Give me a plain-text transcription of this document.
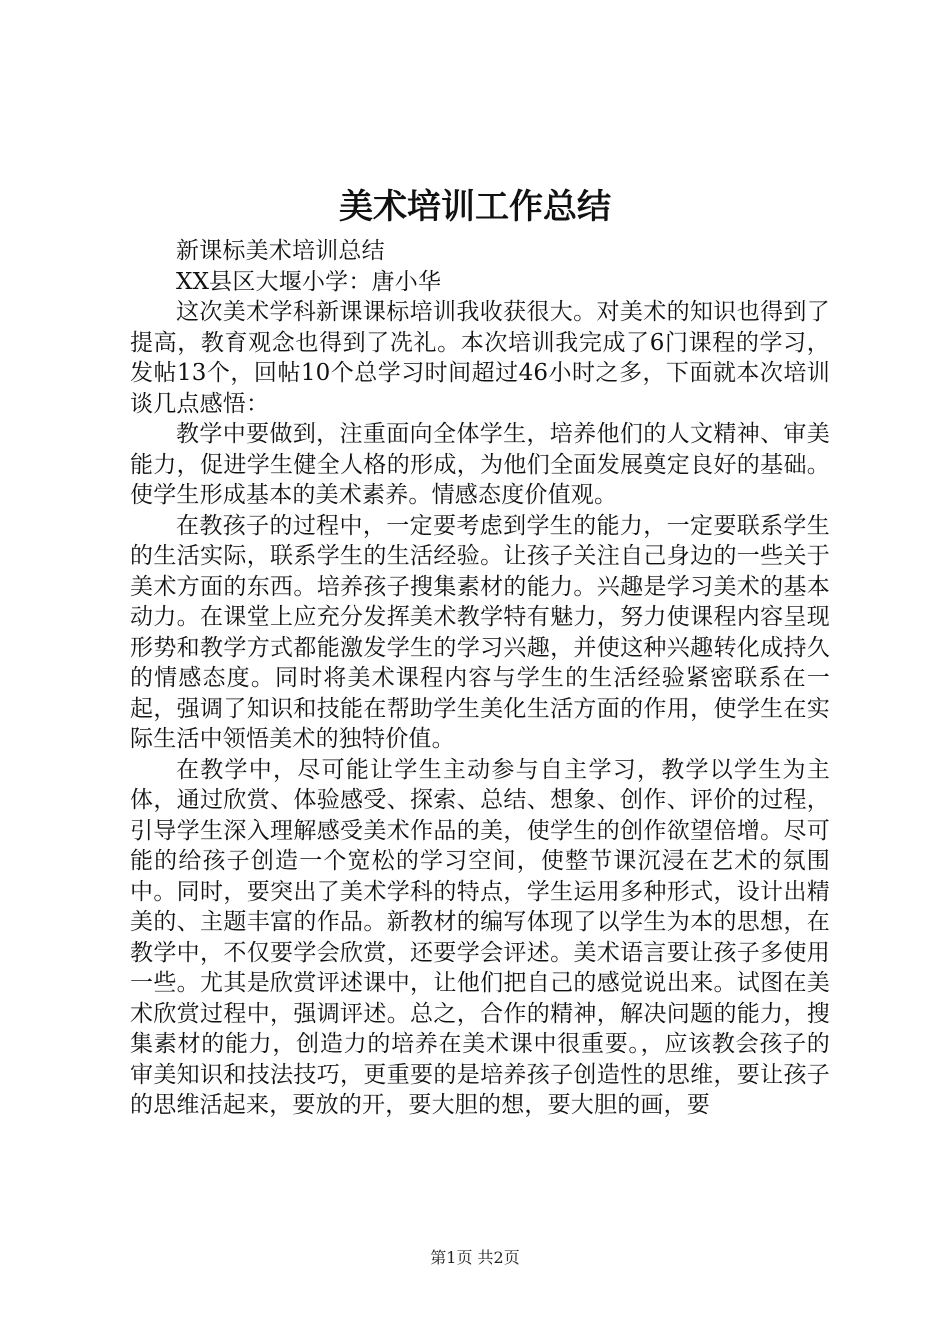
美术培训工作总结

新课标美术培训总结

XX县区大堰小学：唐小华

这次美术学科新课课标培训我收获很大。对美术的知识也得到了提高，教育观念也得到了冼礼。本次培训我完成了6门课程的学习，发帖13个，回帖10个总学习时间超过46小时之多，下面就本次培训谈几点感悟：

教学中要做到，注重面向全体学生，培养他们的人文精神、审美能力，促进学生健全人格的形成，为他们全面发展奠定良好的基础。使学生形成基本的美术素养。情感态度价值观。

在教孩子的过程中，一定要考虑到学生的能力，一定要联系学生的生活实际，联系学生的生活经验。让孩子关注自己身边的一些关于美术方面的东西。培养孩子搜集素材的能力。兴趣是学习美术的基本动力。在课堂上应充分发挥美术教学特有魅力，努力使课程内容呈现形势和教学方式都能激发学生的学习兴趣，并使这种兴趣转化成持久的情感态度。同时将美术课程内容与学生的生活经验紧密联系在一起，强调了知识和技能在帮助学生美化生活方面的作用，使学生在实际生活中领悟美术的独特价值。

在教学中，尽可能让学生主动参与自主学习，教学以学生为主体，通过欣赏、体验感受、探索、总结、想象、创作、评价的过程，引导学生深入理解感受美术作品的美，使学生的创作欲望倍增。尽可能的给孩子创造一个宽松的学习空间，使整节课沉浸在艺术的氛围中。同时，要突出了美术学科的特点，学生运用多种形式，设计出精美的、主题丰富的作品。新教材的编写体现了以学生为本的思想，在教学中，不仅要学会欣赏，还要学会评述。美术语言要让孩子多使用一些。尤其是欣赏评述课中，让他们把自己的感觉说出来。试图在美术欣赏过程中，强调评述。总之，合作的精神，解决问题的能力，搜集素材的能力，创造力的培养在美术课中很重要。，应该教会孩子的审美知识和技法技巧，更重要的是培养孩子创造性的思维，要让孩子的思维活起来，要放的开，要大胆的想，要大胆的画，要

第1页 共2页
